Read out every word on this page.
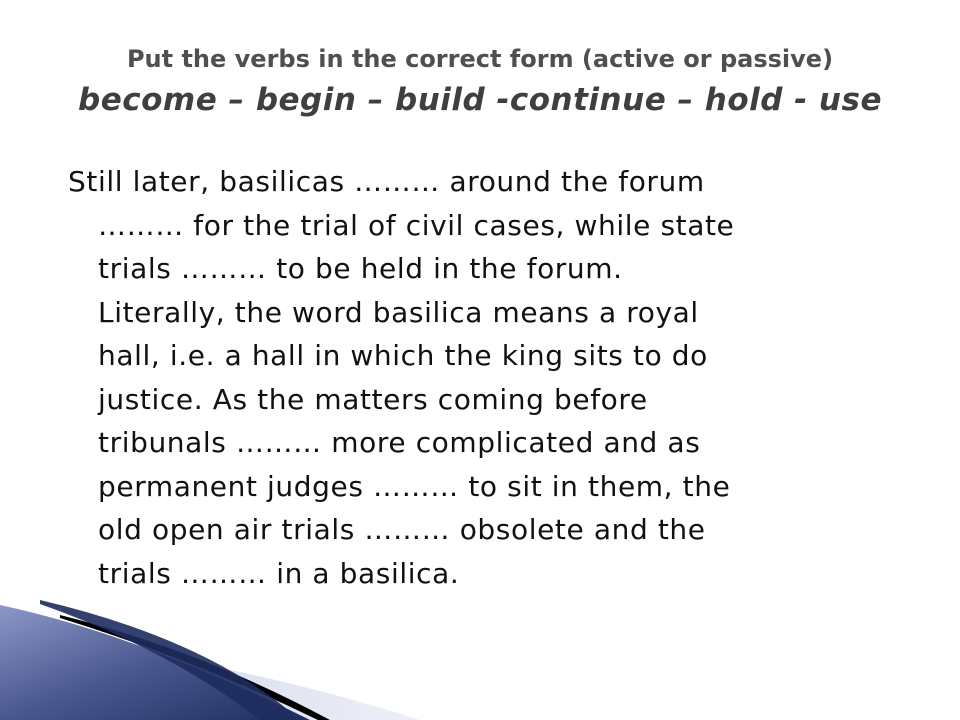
Put the verbs in the correct form (active or passive)
become – begin – build -continue – hold - use
Still later, basilicas ……… around the forum
……… for the trial of civil cases, while state
trials ……… to be held in the forum.
Literally, the word basilica means a royal
hall, i.e. a hall in which the king sits to do
justice. As the matters coming before
tribunals ……… more complicated and as
permanent judges ……… to sit in them, the
old open air trials ……… obsolete and the
trials ……… in a basilica.
